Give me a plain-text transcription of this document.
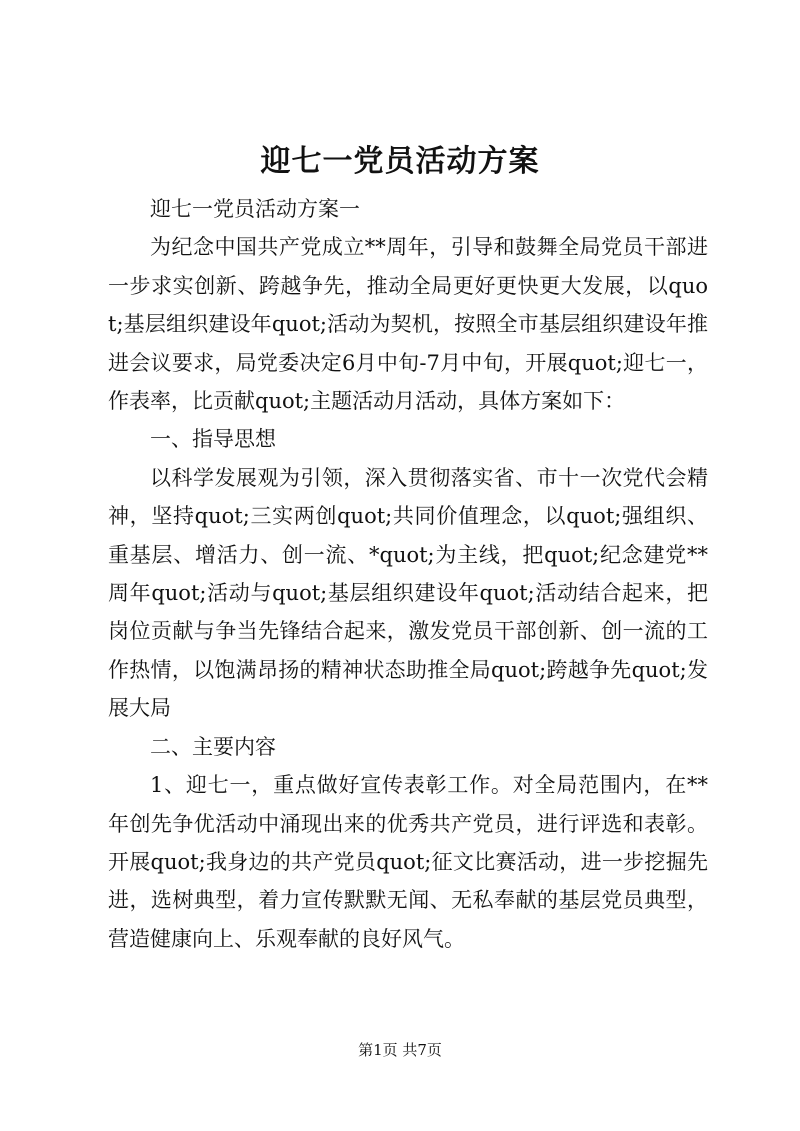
迎七一党员活动方案

迎七一党员活动方案一

为纪念中国共产党成立**周年，引导和鼓舞全局党员干部进一步求实创新、跨越争先，推动全局更好更快更大发展，以quot;基层组织建设年quot;活动为契机，按照全市基层组织建设年推进会议要求，局党委决定6月中旬-7月中旬，开展quot;迎七一，作表率，比贡献quot;主题活动月活动，具体方案如下：

一、指导思想

以科学发展观为引领，深入贯彻落实省、市十一次党代会精神，坚持quot;三实两创quot;共同价值理念，以quot;强组织、重基层、增活力、创一流、*quot;为主线，把quot;纪念建党**周年quot;活动与quot;基层组织建设年quot;活动结合起来，把岗位贡献与争当先锋结合起来，激发党员干部创新、创一流的工作热情，以饱满昂扬的精神状态助推全局quot;跨越争先quot;发展大局

二、主要内容

1、迎七一，重点做好宣传表彰工作。对全局范围内，在**年创先争优活动中涌现出来的优秀共产党员，进行评选和表彰。开展quot;我身边的共产党员quot;征文比赛活动，进一步挖掘先进，选树典型，着力宣传默默无闻、无私奉献的基层党员典型，营造健康向上、乐观奉献的良好风气。

第1页 共7页
